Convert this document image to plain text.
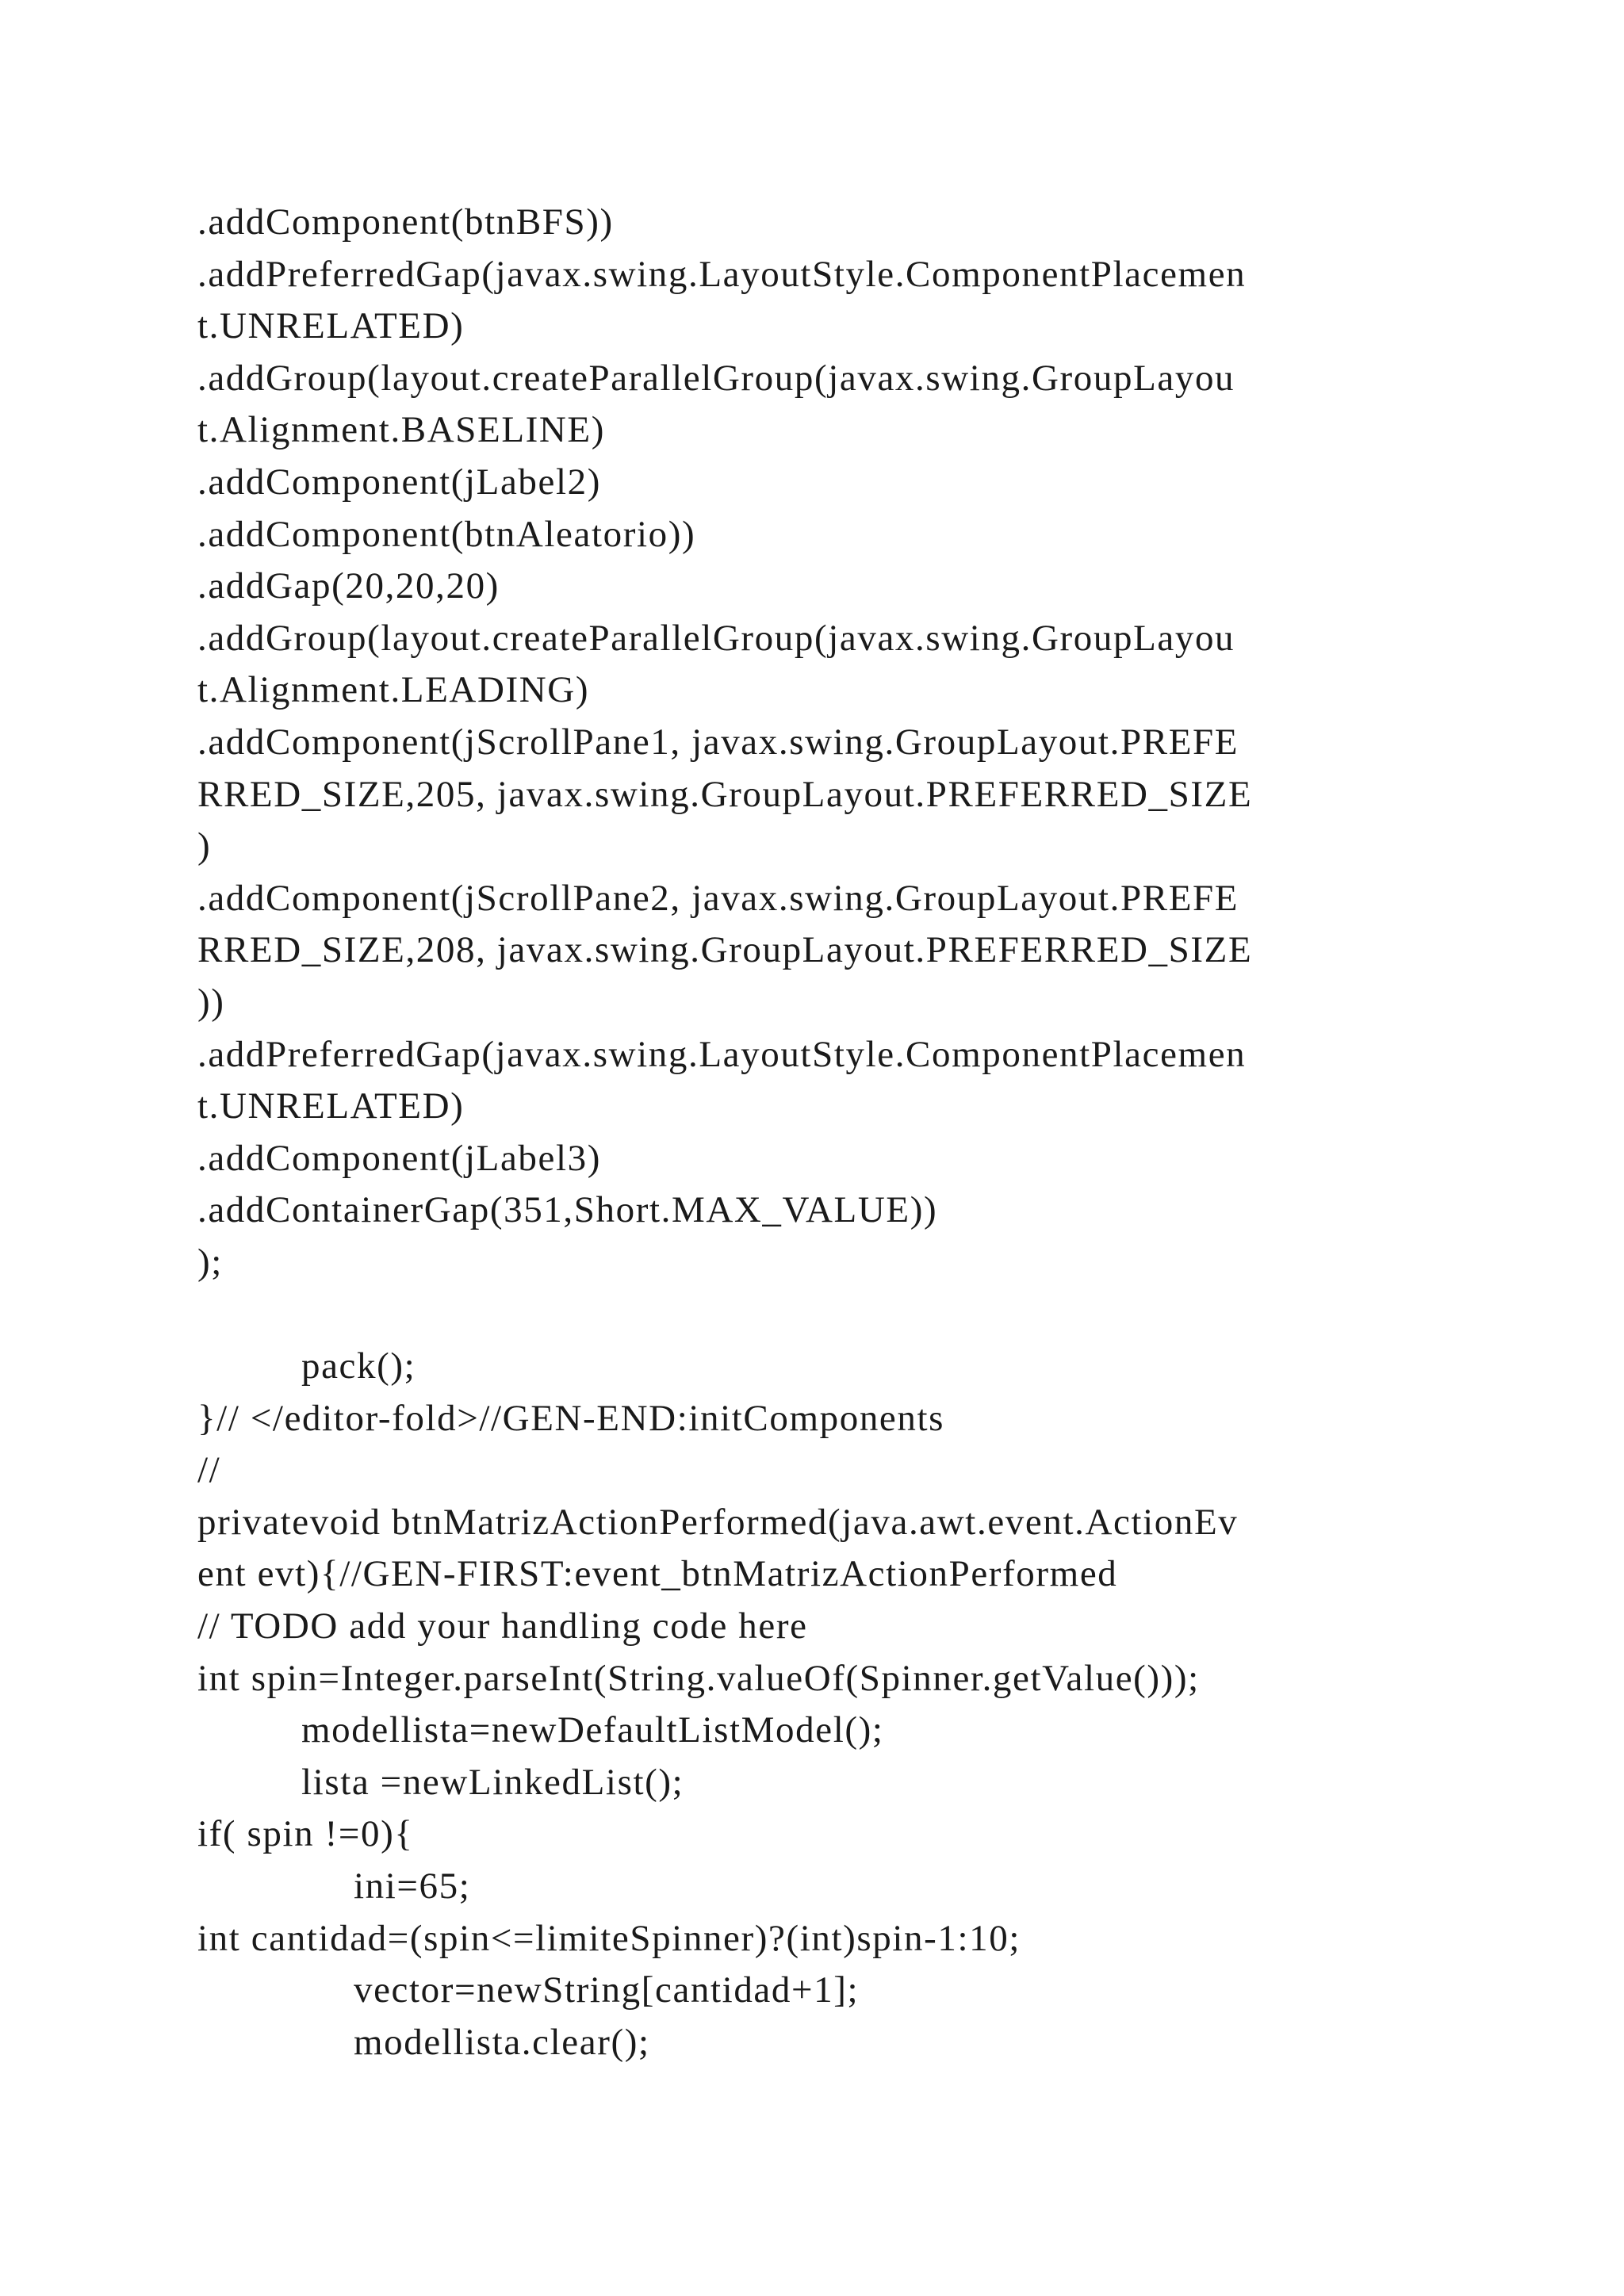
.addComponent(btnBFS))
.addPreferredGap(javax.swing.LayoutStyle.ComponentPlacemen
t.UNRELATED)
.addGroup(layout.createParallelGroup(javax.swing.GroupLayou
t.Alignment.BASELINE)
.addComponent(jLabel2)
.addComponent(btnAleatorio))
.addGap(20,20,20)
.addGroup(layout.createParallelGroup(javax.swing.GroupLayou
t.Alignment.LEADING)
.addComponent(jScrollPane1, javax.swing.GroupLayout.PREFE
RRED_SIZE,205, javax.swing.GroupLayout.PREFERRED_SIZE
)
.addComponent(jScrollPane2, javax.swing.GroupLayout.PREFE
RRED_SIZE,208, javax.swing.GroupLayout.PREFERRED_SIZE
))
.addPreferredGap(javax.swing.LayoutStyle.ComponentPlacemen
t.UNRELATED)
.addComponent(jLabel3)
.addContainerGap(351,Short.MAX_VALUE))
);
pack();
}// </editor-fold>//GEN-END:initComponents
//
privatevoid btnMatrizActionPerformed(java.awt.event.ActionEv
ent evt){//GEN-FIRST:event_btnMatrizActionPerformed
// TODO add your handling code here
int spin=Integer.parseInt(String.valueOf(Spinner.getValue()));
modellista=newDefaultListModel();
lista =newLinkedList();
if( spin !=0){
ini=65;
int cantidad=(spin<=limiteSpinner)?(int)spin-1:10;
vector=newString[cantidad+1];
modellista.clear();
